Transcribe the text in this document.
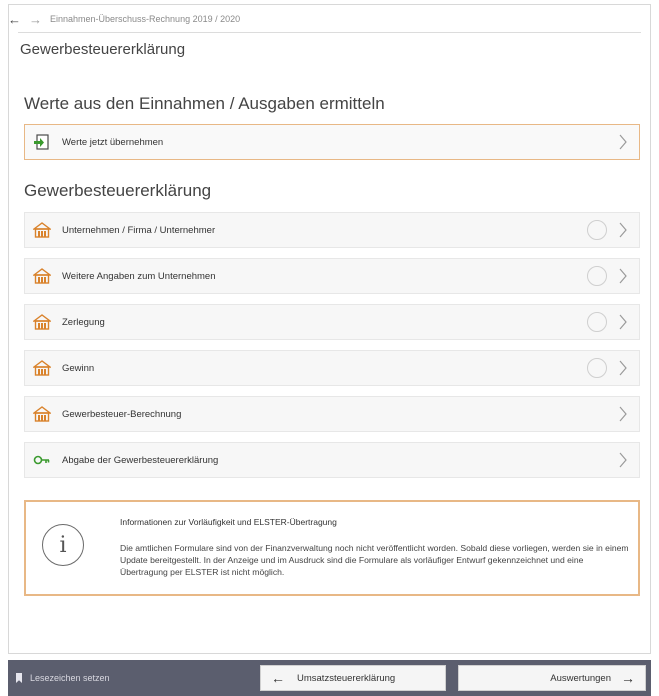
← → Einnahmen-Überschuss-Rechnung 2019 / 2020
Gewerbesteuererklärung
Werte aus den Einnahmen / Ausgaben ermitteln
Werte jetzt übernehmen
Gewerbesteuererklärung
Unternehmen / Firma / Unternehmer
Weitere Angaben zum Unternehmen
Zerlegung
Gewinn
Gewerbesteuer-Berechnung
Abgabe der Gewerbesteuererklärung
i
Informationen zur Vorläufigkeit und ELSTER-Übertragung
Die amtlichen Formulare sind von der Finanzverwaltung noch nicht veröffentlicht worden. Sobald diese vorliegen, werden sie in einem Update bereitgestellt. In der Anzeige und im Ausdruck sind die Formulare als vorläufiger Entwurf gekennzeichnet und eine Übertragung per ELSTER ist nicht möglich.
Lesezeichen setzen	← Umsatzsteuererklärung	Auswertungen →
